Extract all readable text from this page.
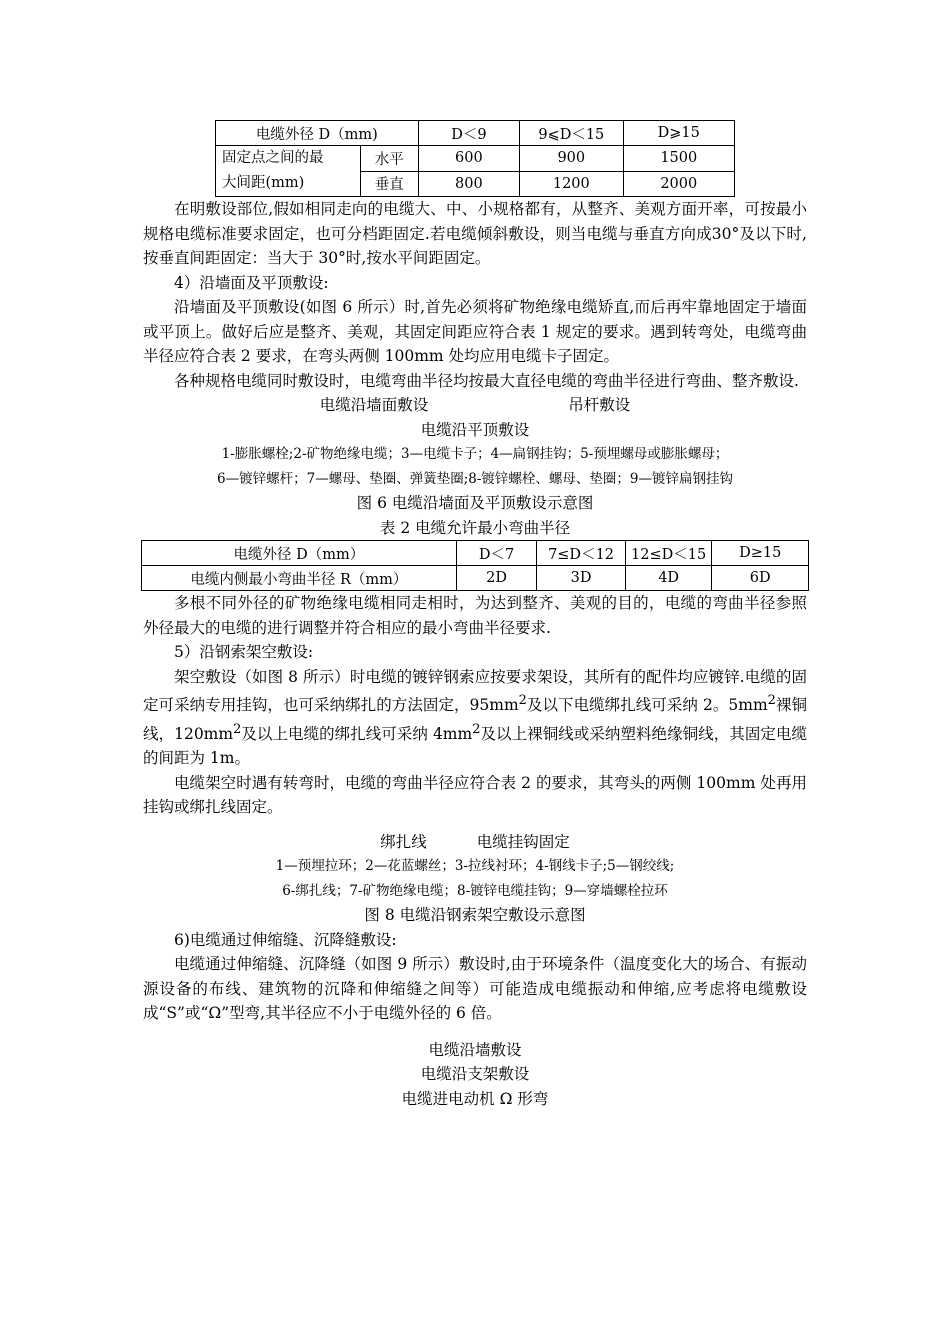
电缆外径 D（mm)		D＜9	9⩽D＜15	D⩾15
固定点之间的最
大间距(mm)	水平	600	900	1500
	垂直	800	1200	2000

在明敷设部位,假如相同走向的电缆大、中、小规格都有，从整齐、美观方面开率，可按最小规格电缆标准要求固定，也可分档距固定.若电缆倾斜敷设，则当电缆与垂直方向成30°及以下时,按垂直间距固定：当大于 30°时,按水平间距固定。

4）沿墙面及平顶敷设:

沿墙面及平顶敷设(如图 6 所示）时,首先必须将矿物绝缘电缆矫直,而后再牢靠地固定于墙面或平顶上。做好后应是整齐、美观，其固定间距应符合表 1 规定的要求。遇到转弯处，电缆弯曲半径应符合表 2 要求，在弯头两侧 100mm 处均应用电缆卡子固定。

各种规格电缆同时敷设时，电缆弯曲半径均按最大直径电缆的弯曲半径进行弯曲、整齐敷设.

电缆沿墙面敷设	吊杆敷设

电缆沿平顶敷设

1-膨胀螺栓;2-矿物绝缘电缆；3—电缆卡子；4—扁钢挂钩；5-预埋螺母或膨胀螺母；

6—镀锌螺杆；7—螺母、垫圈、弹簧垫圈;8-镀锌螺栓、螺母、垫圈；9—镀锌扁钢挂钩

图 6 电缆沿墙面及平顶敷设示意图

表 2 电缆允许最小弯曲半径

电缆外径 D（mm）	D＜7	7≤D＜12	12≤D＜15	D≥15
电缆内侧最小弯曲半径 R（mm）	2D	3D	4D	6D

多根不同外径的矿物绝缘电缆相同走相时，为达到整齐、美观的目的，电缆的弯曲半径参照外径最大的电缆的进行调整并符合相应的最小弯曲半径要求.

5）沿钢索架空敷设:

架空敷设（如图 8 所示）时电缆的镀锌钢索应按要求架设，其所有的配件均应镀锌.电缆的固定可采纳专用挂钩，也可采纳绑扎的方法固定，$95mm^2$及以下电缆绑扎线可采纳 2。$5mm^2$裸铜线，$120mm^2$及以上电缆的绑扎线可采纳 $4mm^2$及以上裸铜线或采纳塑料绝缘铜线，其固定电缆的间距为 1m。

电缆架空时遇有转弯时，电缆的弯曲半径应符合表 2 的要求，其弯头的两侧 100mm 处再用挂钩或绑扎线固定。

绑扎线	电缆挂钩固定

1—预埋拉环；2—花蓝螺丝；3-拉线衬环；4-钢线卡子;5—钢绞线;

6-绑扎线；7-矿物绝缘电缆；8-镀锌电缆挂钩；9—穿墙螺栓拉环

图 8 电缆沿钢索架空敷设示意图

6)电缆通过伸缩缝、沉降缝敷设:

电缆通过伸缩缝、沉降缝（如图 9 所示）敷设时,由于环境条件（温度变化大的场合、有振动源设备的布线、建筑物的沉降和伸缩缝之间等）可能造成电缆振动和伸缩,应考虑将电缆敷设成“S”或“Ω”型弯,其半径应不小于电缆外径的 6 倍。

电缆沿墙敷设

电缆沿支架敷设

电缆进电动机 Ω 形弯
